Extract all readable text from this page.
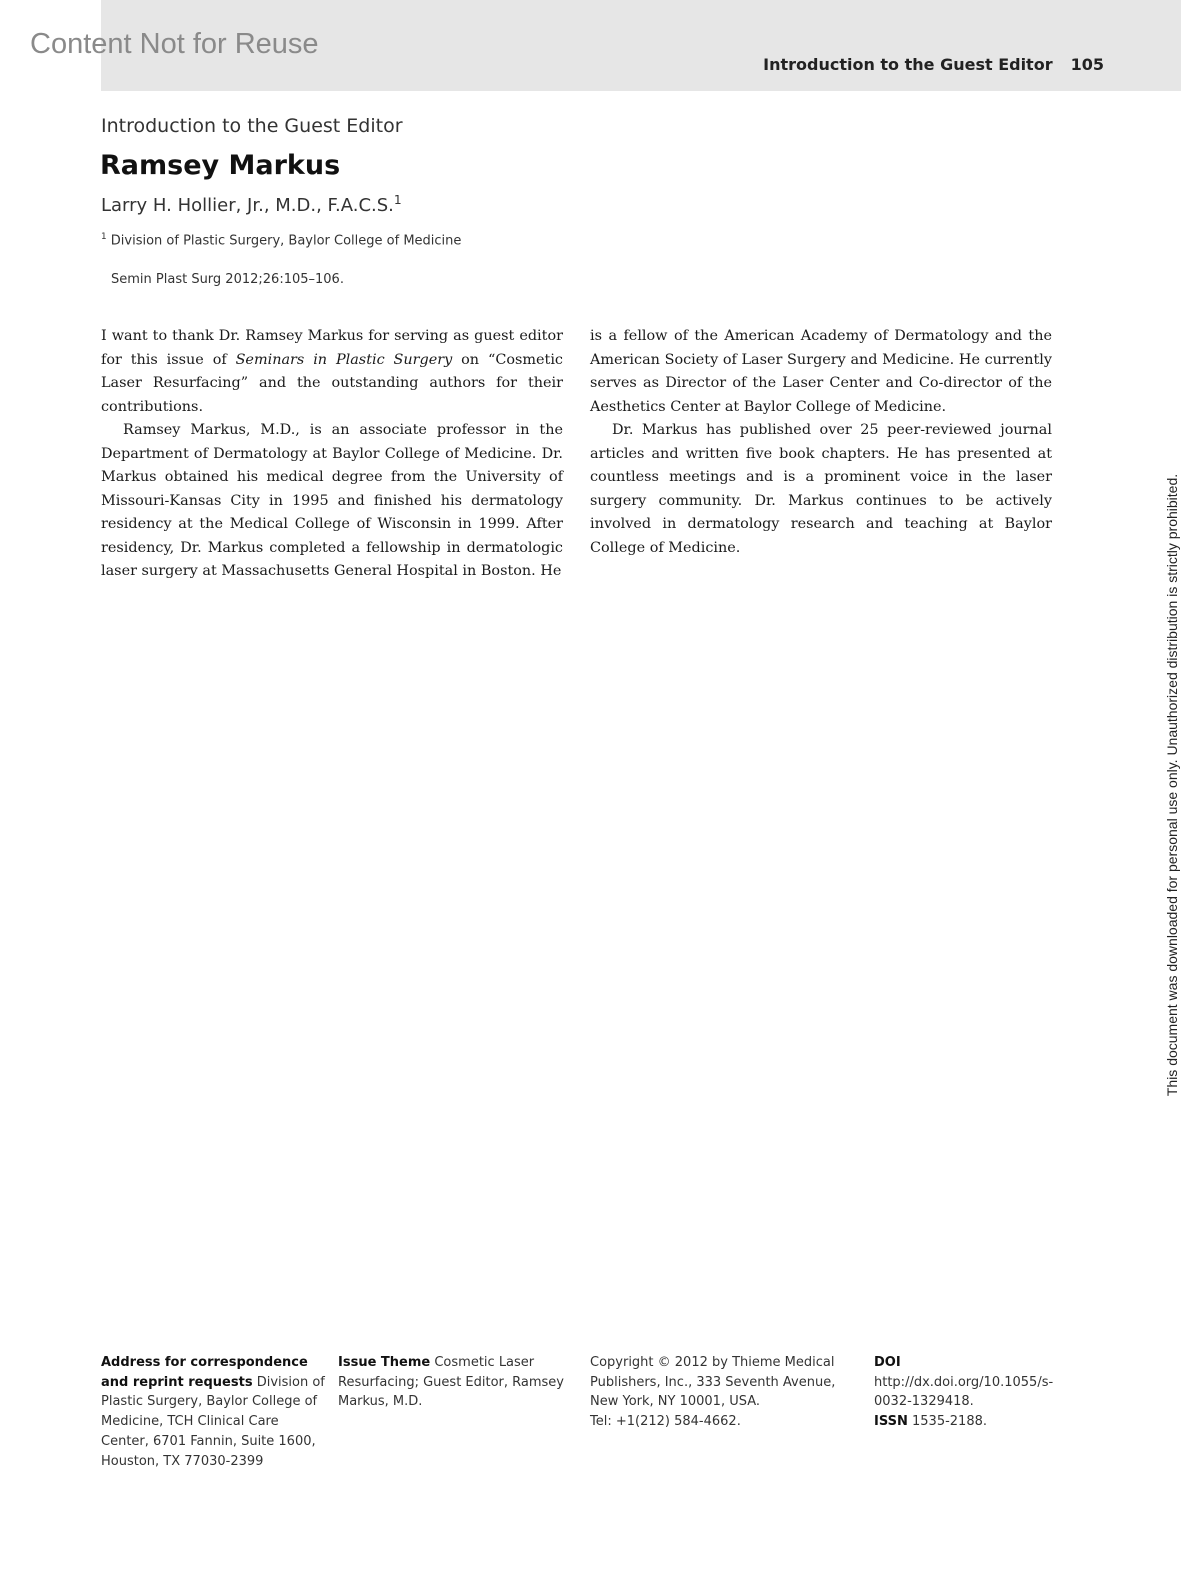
Content Not for Reuse
Introduction to the Guest Editor 105
Introduction to the Guest Editor
Ramsey Markus
Larry H. Hollier, Jr., M.D., F.A.C.S.$^1$
$^1$ Division of Plastic Surgery, Baylor College of Medicine
Semin Plast Surg 2012;26:105–106.

I want to thank Dr. Ramsey Markus for serving as guest editor for this issue of Seminars in Plastic Surgery on “Cosmetic Laser Resurfacing” and the outstanding authors for their contributions.

Ramsey Markus, M.D., is an associate professor in the Department of Dermatology at Baylor College of Medicine. Dr. Markus obtained his medical degree from the University of Missouri-Kansas City in 1995 and finished his dermatology residency at the Medical College of Wisconsin in 1999. After residency, Dr. Markus completed a fellowship in dermatologic laser surgery at Massachusetts General Hospital in Boston. He

is a fellow of the American Academy of Dermatology and the American Society of Laser Surgery and Medicine. He currently serves as Director of the Laser Center and Co-director of the Aesthetics Center at Baylor College of Medicine.

Dr. Markus has published over 25 peer-reviewed journal articles and written five book chapters. He has presented at countless meetings and is a prominent voice in the laser surgery community. Dr. Markus continues to be actively involved in dermatology research and teaching at Baylor College of Medicine.	This document was downloaded for personal use only. Unauthorized distribution is strictly prohibited.
Address for correspondence and reprint requests Division of Plastic Surgery, Baylor College of Medicine, TCH Clinical Care Center, 6701 Fannin, Suite 1600, Houston, TX 77030-2399
Issue Theme Cosmetic Laser Resurfacing; Guest Editor, Ramsey Markus, M.D.
Copyright © 2012 by Thieme Medical Publishers, Inc., 333 Seventh Avenue, New York, NY 10001, USA.
Tel: +1(212) 584-4662.
DOI http://dx.doi.org/10.1055/s-0032-1329418.
ISSN 1535-2188.
